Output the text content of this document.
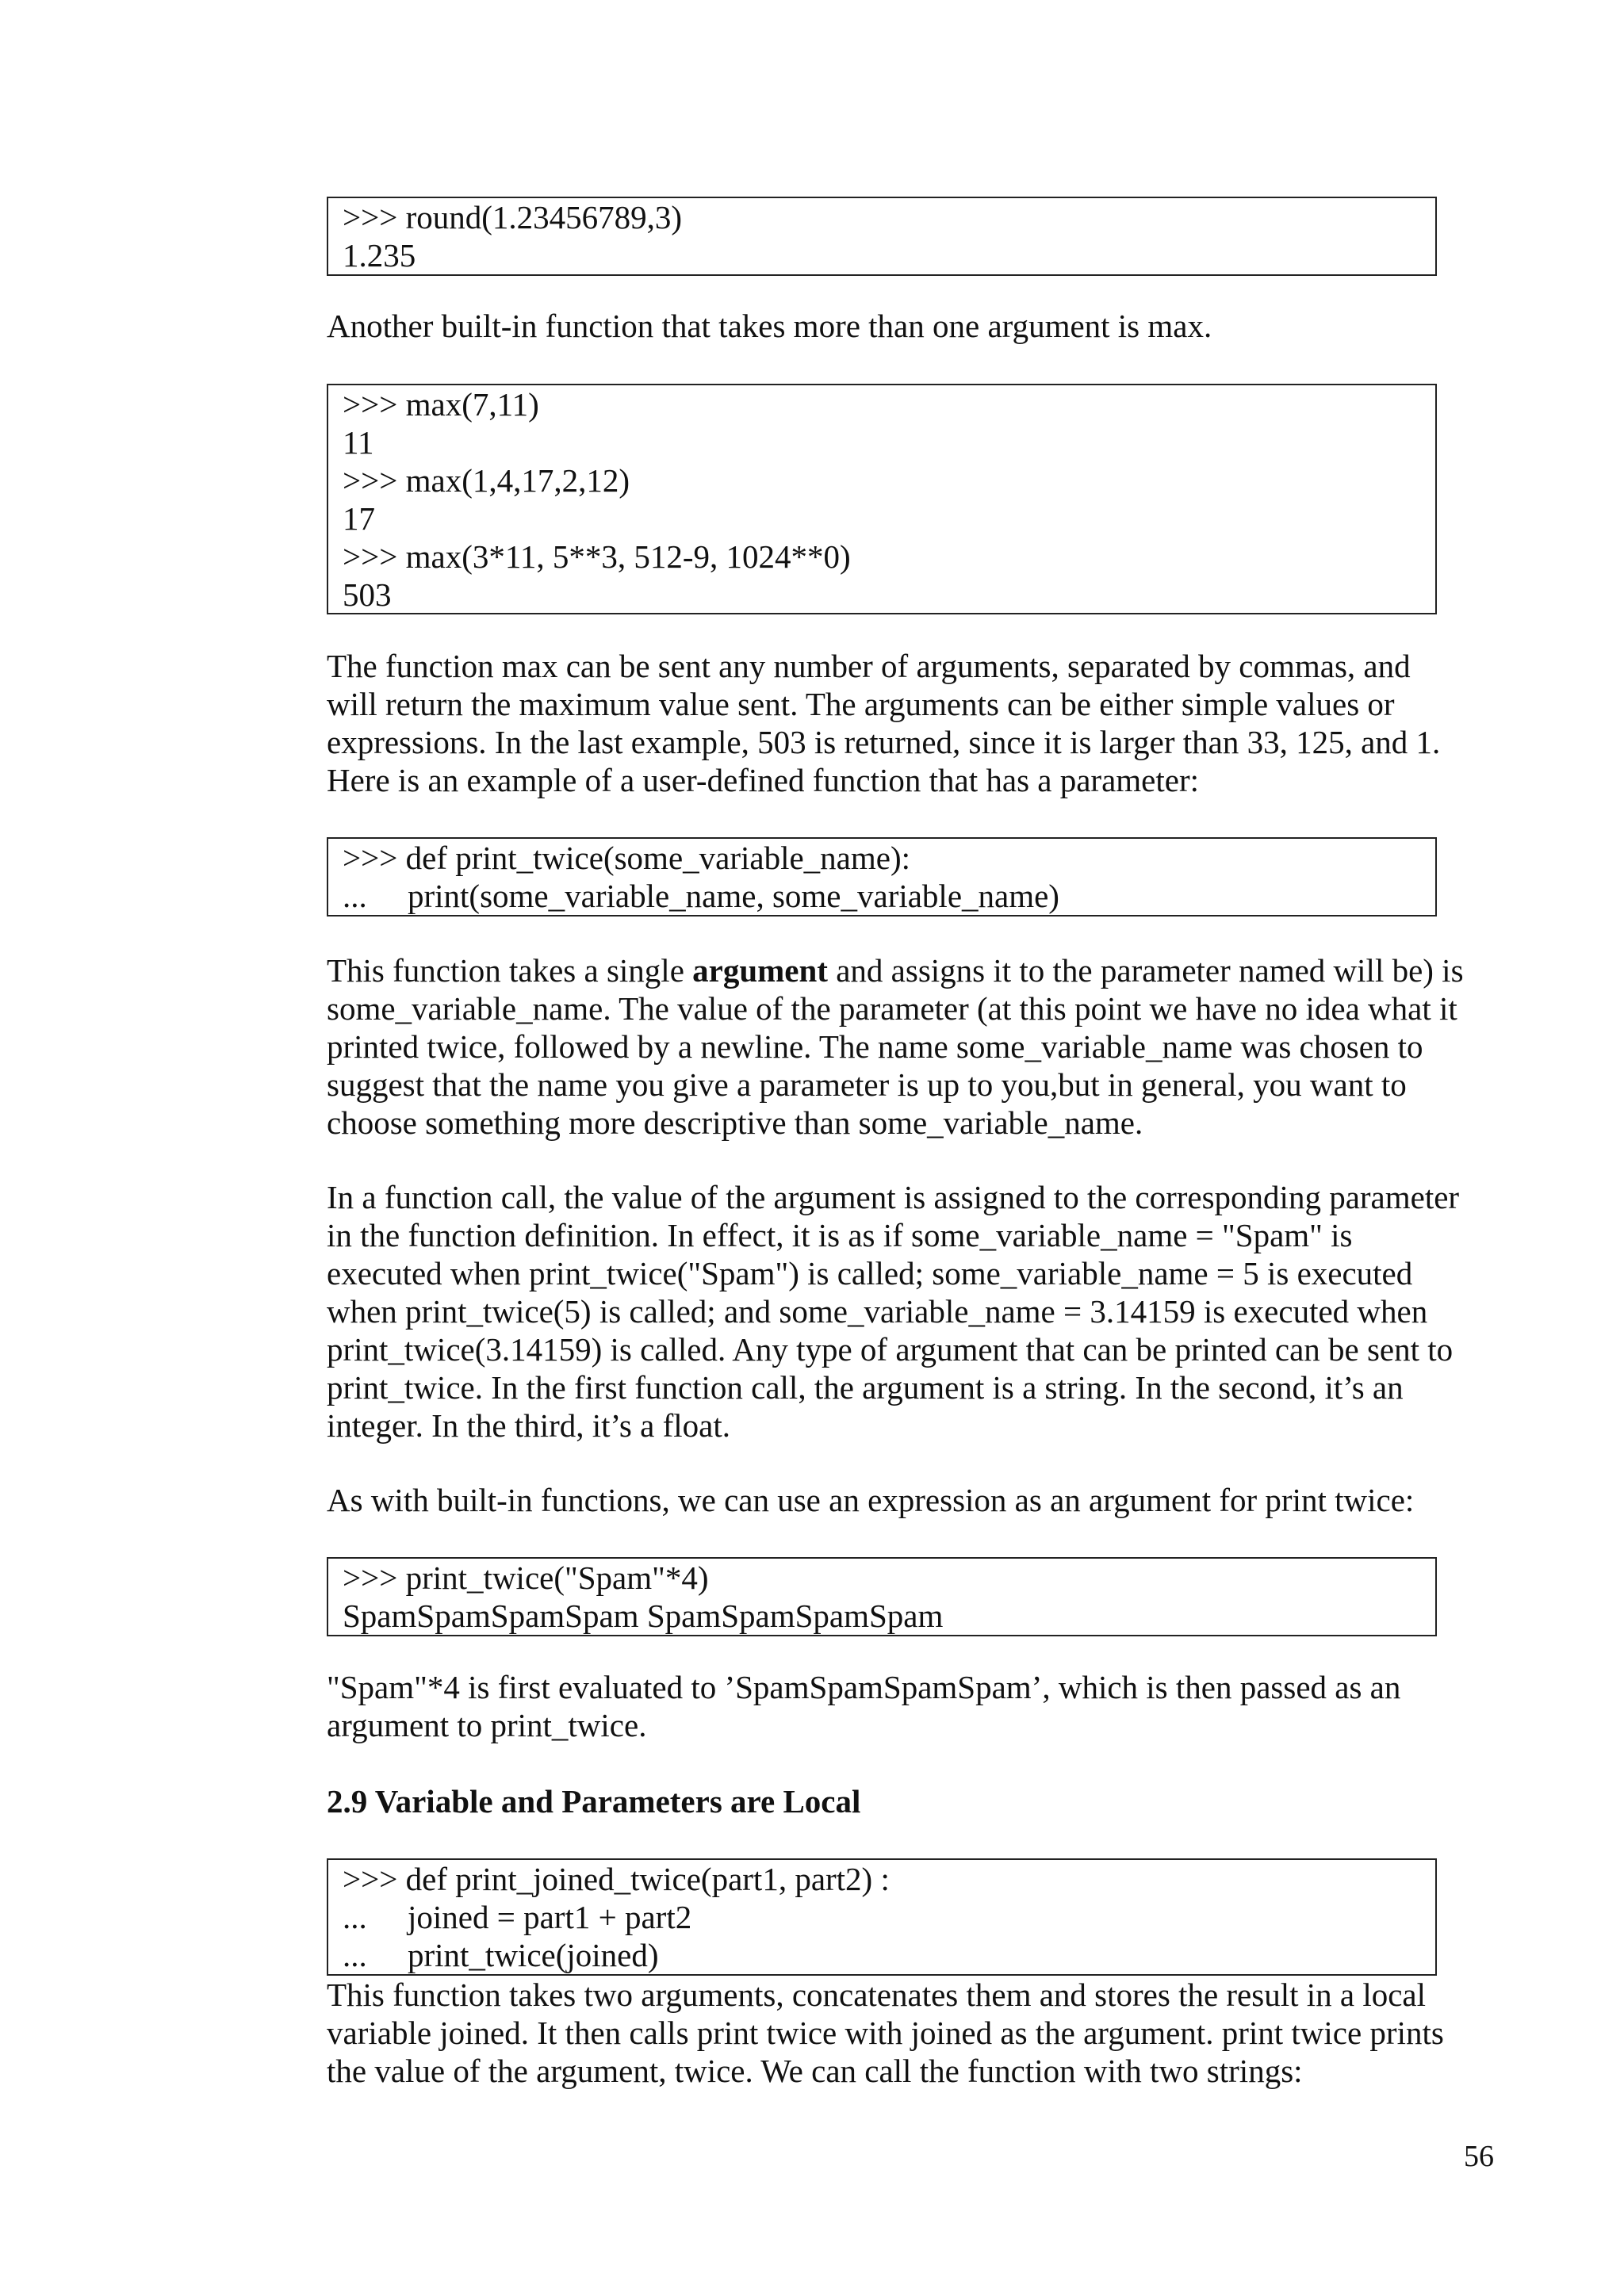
>>> round(1.23456789,3)
1.235
Another built-in function that takes more than one argument is max.
>>> max(7,11)
11
>>> max(1,4,17,2,12)
17
>>> max(3*11, 5**3, 512-9, 1024**0)
503
The function max can be sent any number of arguments, separated by commas, and
will return the maximum value sent. The arguments can be either simple values or
expressions. In the last example, 503 is returned, since it is larger than 33, 125, and 1.
Here is an example of a user-defined function that has a parameter:
>>> def print_twice(some_variable_name):
...     print(some_variable_name, some_variable_name)
This function takes a single argument and assigns it to the parameter named will be) is
some_variable_name. The value of the parameter (at this point we have no idea what it
printed twice, followed by a newline. The name some_variable_name was chosen to
suggest that the name you give a parameter is up to you,but in general, you want to
choose something more descriptive than some_variable_name.
In a function call, the value of the argument is assigned to the corresponding parameter
in the function definition. In effect, it is as if some_variable_name = "Spam" is
executed when print_twice("Spam") is called; some_variable_name = 5 is executed
when print_twice(5) is called; and some_variable_name = 3.14159 is executed when
print_twice(3.14159) is called. Any type of argument that can be printed can be sent to
print_twice. In the first function call, the argument is a string. In the second, it’s an
integer. In the third, it’s a float.
As with built-in functions, we can use an expression as an argument for print twice:
>>> print_twice("Spam"*4)
SpamSpamSpamSpam SpamSpamSpamSpam
"Spam"*4 is first evaluated to ’SpamSpamSpamSpam’, which is then passed as an
argument to print_twice.
2.9 Variable and Parameters are Local
>>> def print_joined_twice(part1, part2) :
...     joined = part1 + part2
...     print_twice(joined)
This function takes two arguments, concatenates them and stores the result in a local
variable joined. It then calls print twice with joined as the argument. print twice prints
the value of the argument, twice. We can call the function with two strings:
56
